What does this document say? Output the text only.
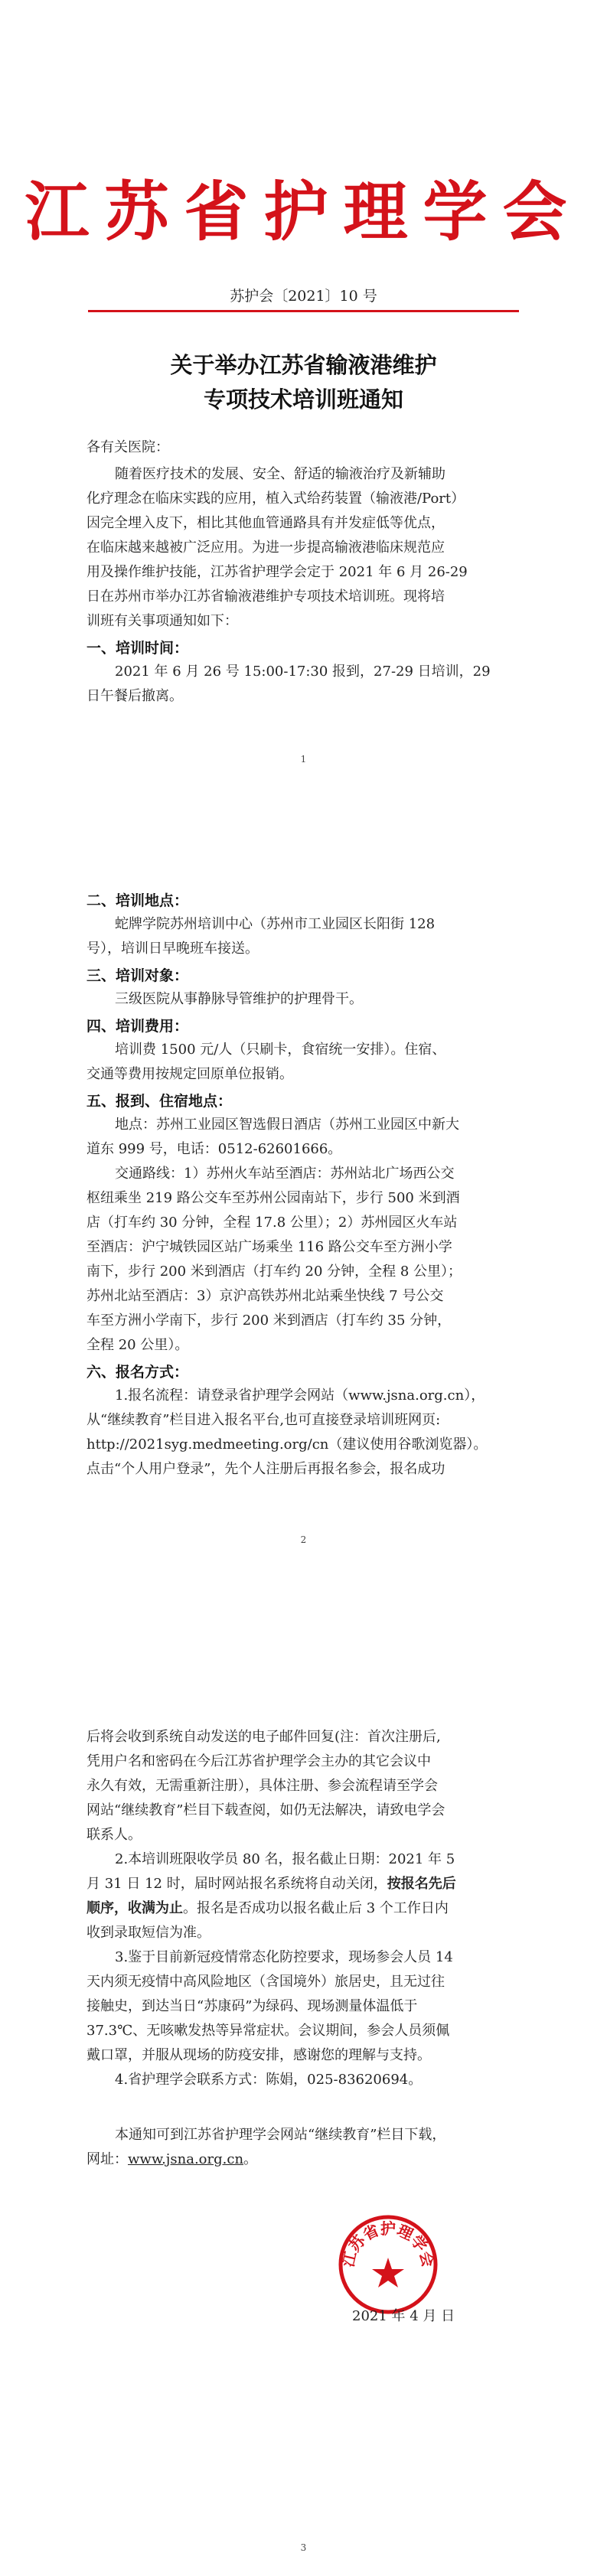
江苏省护理学会
苏护会〔2021〕10 号
关于举办江苏省输液港维护
专项技术培训班通知
各有关医院：
随着医疗技术的发展、安全、舒适的输液治疗及新辅助
化疗理念在临床实践的应用，植入式给药装置（输液港/Port）
因完全埋入皮下，相比其他血管通路具有并发症低等优点，
在临床越来越被广泛应用。为进一步提高输液港临床规范应
用及操作维护技能，江苏省护理学会定于 2021 年 6 月 26-29
日在苏州市举办江苏省输液港维护专项技术培训班。现将培
训班有关事项通知如下：
一、培训时间：
2021 年 6 月 26 号 15:00-17:30 报到，27-29 日培训，29
日午餐后撤离。
1
二、培训地点：
蛇牌学院苏州培训中心（苏州市工业园区长阳街 128
号），培训日早晚班车接送。
三、培训对象：
三级医院从事静脉导管维护的护理骨干。
四、培训费用：
培训费 1500 元/人（只刷卡，食宿统一安排）。住宿、
交通等费用按规定回原单位报销。
五、报到、住宿地点：
地点：苏州工业园区智选假日酒店（苏州工业园区中新大
道东 999 号，电话：0512-62601666。
交通路线：1）苏州火车站至酒店：苏州站北广场西公交
枢纽乘坐 219 路公交车至苏州公园南站下，步行 500 米到酒
店（打车约 30 分钟，全程 17.8 公里）；2）苏州园区火车站
至酒店：沪宁城铁园区站广场乘坐 116 路公交车至方洲小学
南下，步行 200 米到酒店（打车约 20 分钟，全程 8 公里）；
苏州北站至酒店：3）京沪高铁苏州北站乘坐快线 7 号公交
车至方洲小学南下，步行 200 米到酒店（打车约 35 分钟，
全程 20 公里）。
六、报名方式：
1.报名流程：请登录省护理学会网站（www.jsna.org.cn），
从“继续教育”栏目进入报名平台,也可直接登录培训班网页:
http://2021syg.medmeeting.org/cn（建议使用谷歌浏览器）。
点击“个人用户登录”，先个人注册后再报名参会，报名成功
2
后将会收到系统自动发送的电子邮件回复(注：首次注册后,
凭用户名和密码在今后江苏省护理学会主办的其它会议中
永久有效，无需重新注册），具体注册、参会流程请至学会
网站“继续教育”栏目下载查阅，如仍无法解决，请致电学会
联系人。
2.本培训班限收学员 80 名，报名截止日期：2021 年 5
月 31 日 12 时，届时网站报名系统将自动关闭，按报名先后
顺序，收满为止。报名是否成功以报名截止后 3 个工作日内
收到录取短信为准。
3.鉴于目前新冠疫情常态化防控要求，现场参会人员 14
天内须无疫情中高风险地区（含国境外）旅居史，且无过往
接触史，到达当日“苏康码”为绿码、现场测量体温低于
37.3℃、无咳嗽发热等异常症状。会议期间，参会人员须佩
戴口罩，并服从现场的防疫安排，感谢您的理解与支持。
4.省护理学会联系方式：陈娟，025-83620694。
本通知可到江苏省护理学会网站“继续教育”栏目下载，
网址：www.jsna.org.cn。
3
江苏省护理学会
2021 年 4 月 日
